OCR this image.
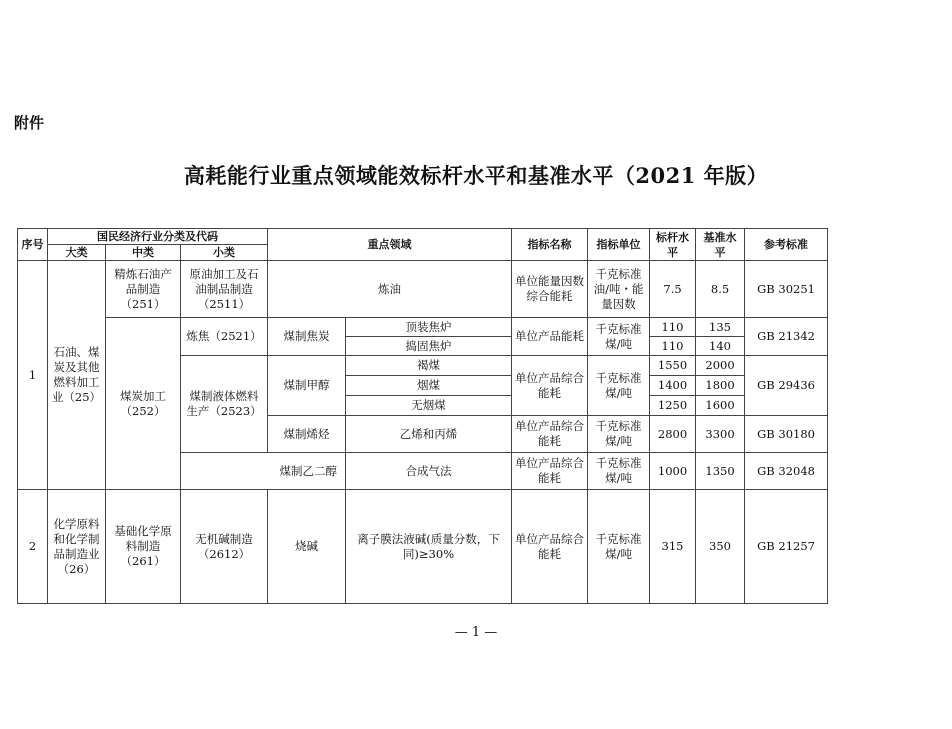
附件
高耗能行业重点领域能效标杆水平和基准水平（2021 年版）
序号	国民经济行业分类及代码			重点领域		指标名称	指标单位	标杆水平	基准水平	参考标准
	大类	中类	小类							
1	石油、煤炭及其他燃料加工业（25）	精炼石油产品制造（251）	原油加工及石油制品制造（2511）	炼油		单位能量因数综合能耗	千克标准油/吨・能量因数	7.5	8.5	GB 30251
		煤炭加工（252）	炼焦（2521）	煤制焦炭	顶装焦炉	单位产品能耗	千克标准煤/吨	110	135	GB 21342
					捣固焦炉			110	140	
			煤制液体燃料生产（2523）	煤制甲醇	褐煤	单位产品综合能耗	千克标准煤/吨	1550	2000	GB 29436
					烟煤			1400	1800	
					无烟煤			1250	1600	
				煤制烯烃	乙烯和丙烯	单位产品综合能耗	千克标准煤/吨	2800	3300	GB 30180
			煤制乙二醇		合成气法	单位产品综合能耗	千克标准煤/吨	1000	1350	GB 32048

2	化学原料和化学制品制造业（26）	基础化学原料制造（261）	无机碱制造（2612）	烧碱	离子膜法液碱(质量分数，下同)≥30%	单位产品综合能耗	千克标准煤/吨	315	350	GB 21257
— 1 —
